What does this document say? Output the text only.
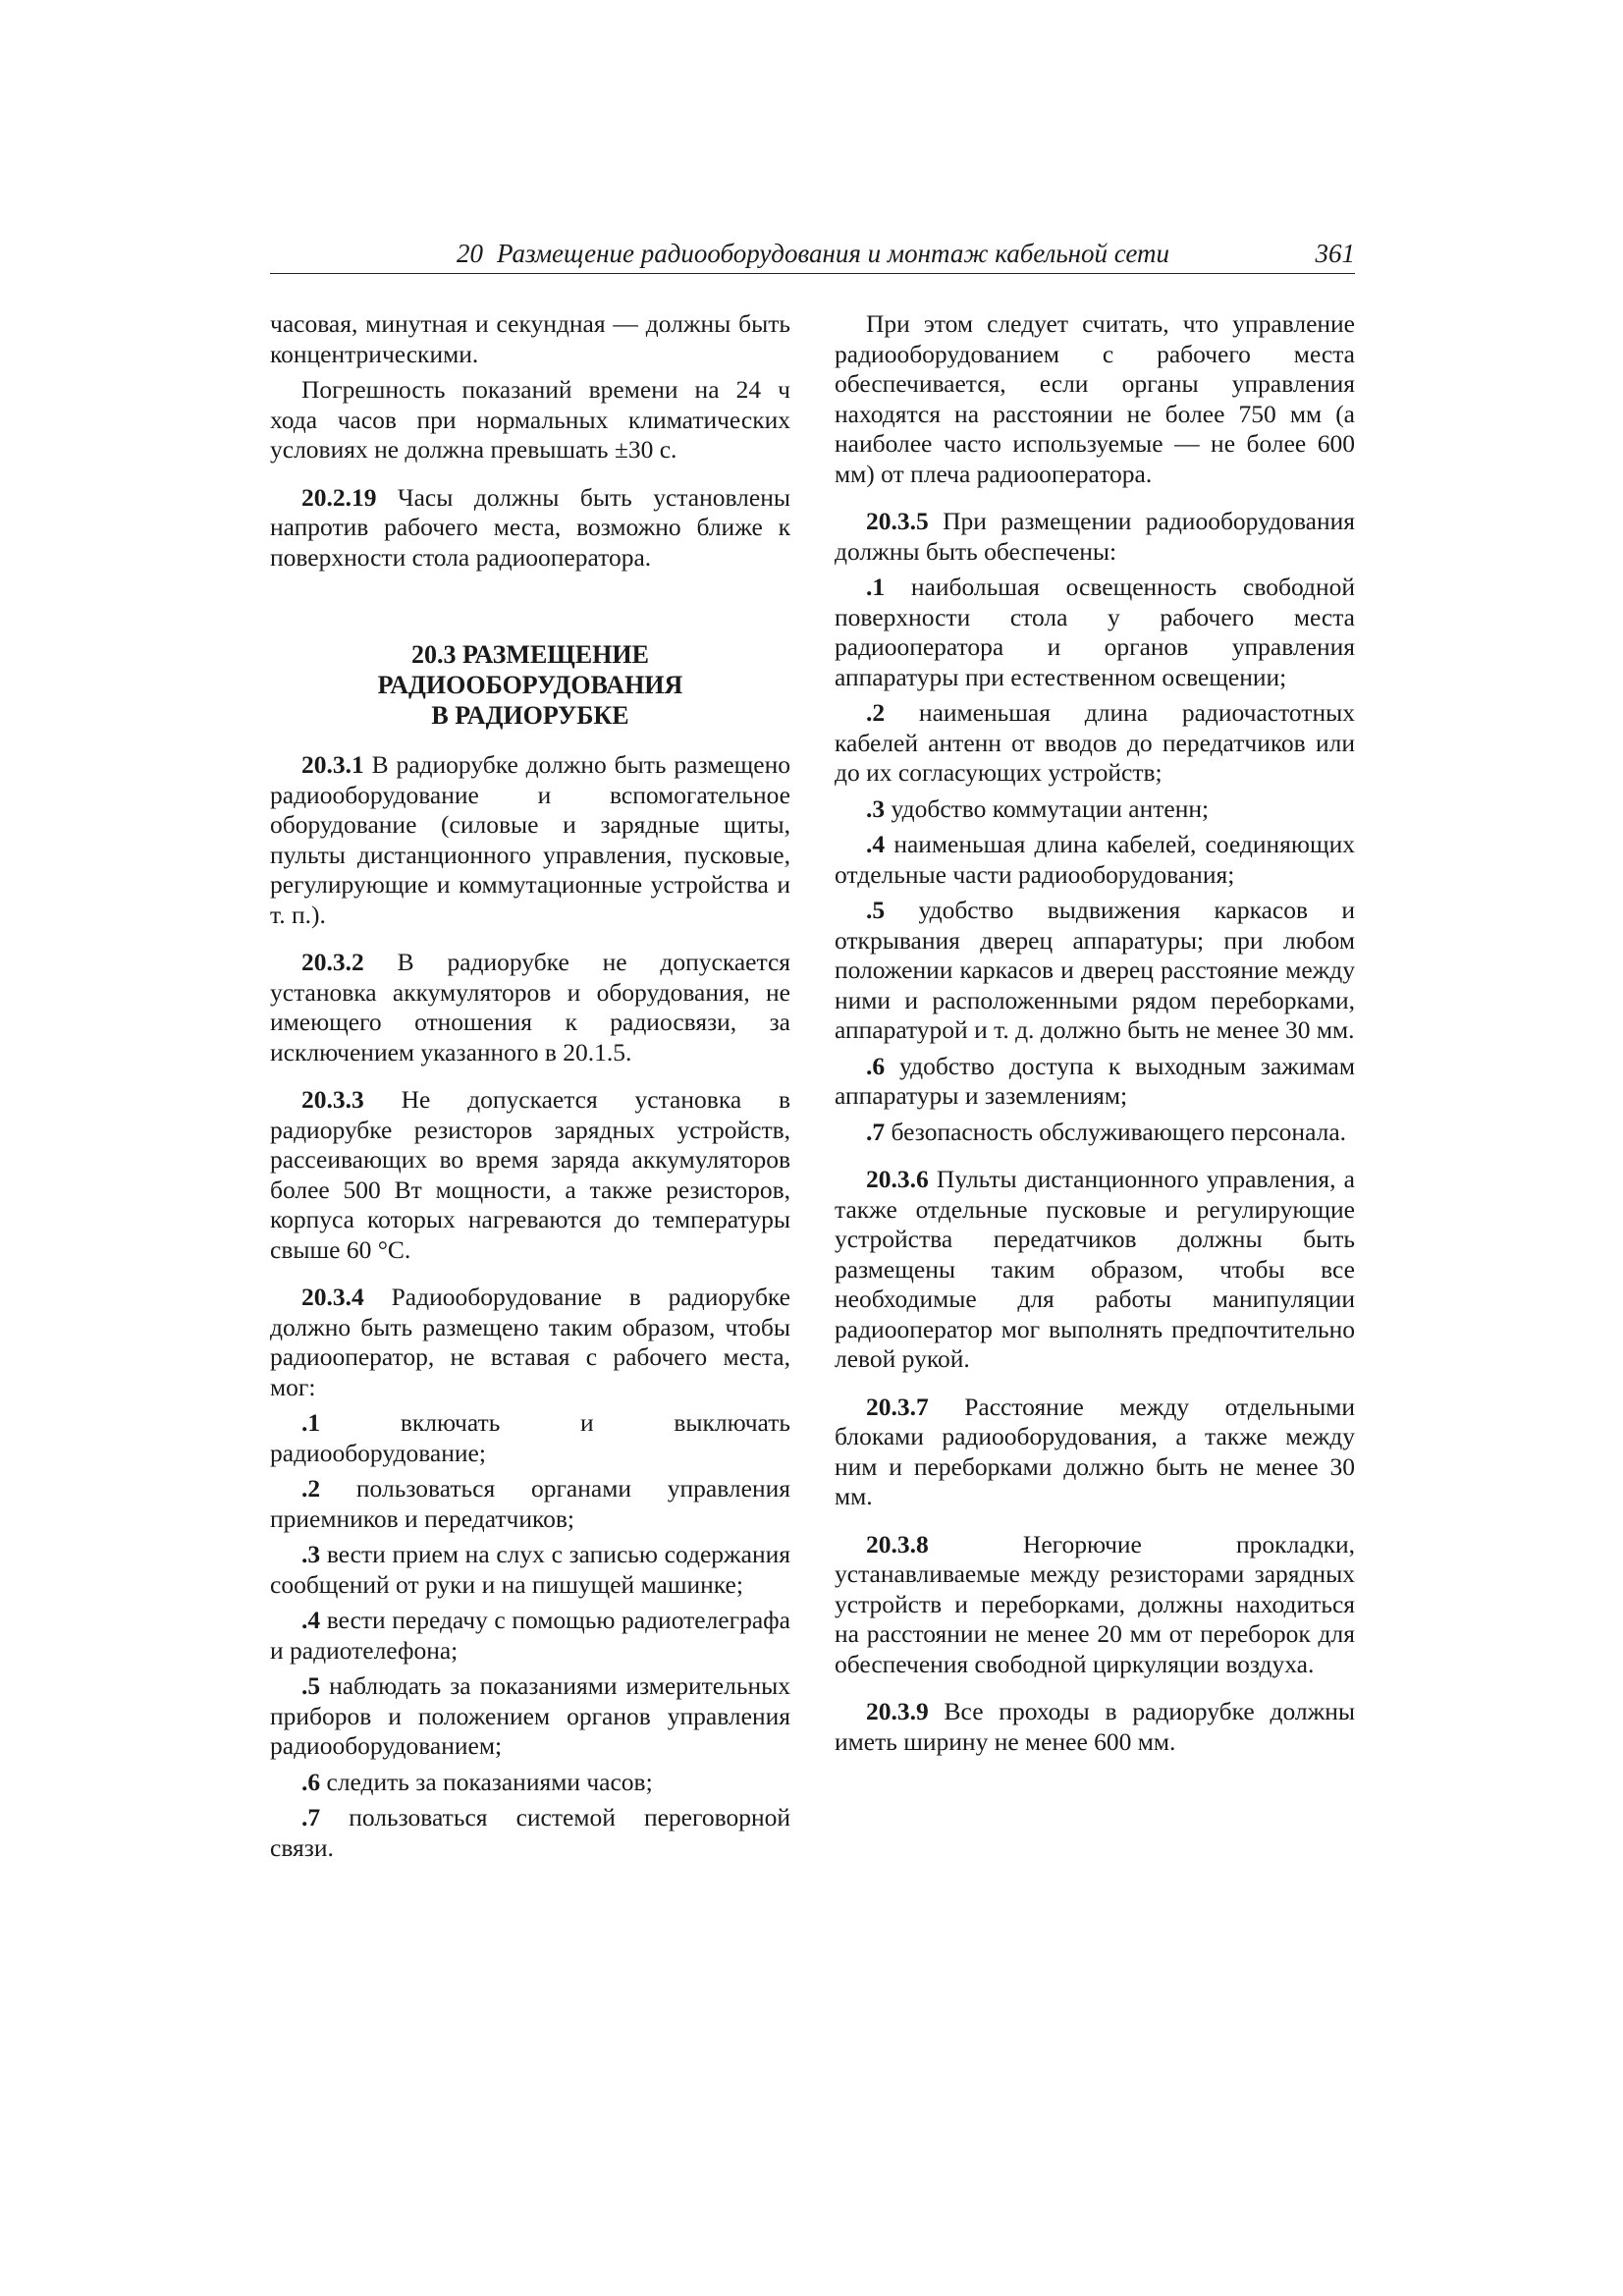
20 Размещение радиооборудования и монтаж кабельной сети	361

часовая, минутная и секундная — должны быть концентрическими.

Погрешность показаний времени на 24 ч хода часов при нормальных климатических условиях не должна превышать ±30 с.

20.2.19 Часы должны быть установлены напротив рабочего места, возможно ближе к поверхности стола радиооператора.

20.3 РАЗМЕЩЕНИЕ
РАДИООБОРУДОВАНИЯ
В РАДИОРУБКЕ

20.3.1 В радиорубке должно быть размещено радиооборудование и вспомогательное оборудование (силовые и зарядные щиты, пульты дистанционного управления, пусковые, регулирующие и коммутационные устройства и т. п.).

20.3.2 В радиорубке не допускается установка аккумуляторов и оборудования, не имеющего отношения к радиосвязи, за исключением указанного в 20.1.5.

20.3.3 Не допускается установка в радиорубке резисторов зарядных устройств, рассеивающих во время заряда аккумуляторов более 500 Вт мощности, а также резисторов, корпуса которых нагреваются до температуры свыше 60 °С.

20.3.4 Радиооборудование в радиорубке должно быть размещено таким образом, чтобы радиооператор, не вставая с рабочего места, мог:

.1 включать и выключать радиооборудование;

.2 пользоваться органами управления приемников и передатчиков;

.3 вести прием на слух с записью содержания сообщений от руки и на пишущей машинке;

.4 вести передачу с помощью радиотелеграфа и радиотелефона;

.5 наблюдать за показаниями измерительных приборов и положением органов управления радиооборудованием;

.6 следить за показаниями часов;

.7 пользоваться системой переговорной связи.

При этом следует считать, что управление радиооборудованием с рабочего места обеспечивается, если органы управления находятся на расстоянии не более 750 мм (а наиболее часто используемые — не более 600 мм) от плеча радиооператора.

20.3.5 При размещении радиооборудования должны быть обеспечены:

.1 наибольшая освещенность свободной поверхности стола у рабочего места радиооператора и органов управления аппаратуры при естественном освещении;

.2 наименьшая длина радиочастотных кабелей антенн от вводов до передатчиков или до их согласующих устройств;

.3 удобство коммутации антенн;

.4 наименьшая длина кабелей, соединяющих отдельные части радиооборудования;

.5 удобство выдвижения каркасов и открывания дверец аппаратуры; при любом положении каркасов и дверец расстояние между ними и расположенными рядом переборками, аппаратурой и т. д. должно быть не менее 30 мм.

.6 удобство доступа к выходным зажимам аппаратуры и заземлениям;

.7 безопасность обслуживающего персонала.

20.3.6 Пульты дистанционного управления, а также отдельные пусковые и регулирующие устройства передатчиков должны быть размещены таким образом, чтобы все необходимые для работы манипуляции радиооператор мог выполнять предпочтительно левой рукой.

20.3.7 Расстояние между отдельными блоками радиооборудования, а также между ним и переборками должно быть не менее 30 мм.

20.3.8 Негорючие прокладки, устанавливаемые между резисторами зарядных устройств и переборками, должны находиться на расстоянии не менее 20 мм от переборок для обеспечения свободной циркуляции воздуха.

20.3.9 Все проходы в радиорубке должны иметь ширину не менее 600 мм.
